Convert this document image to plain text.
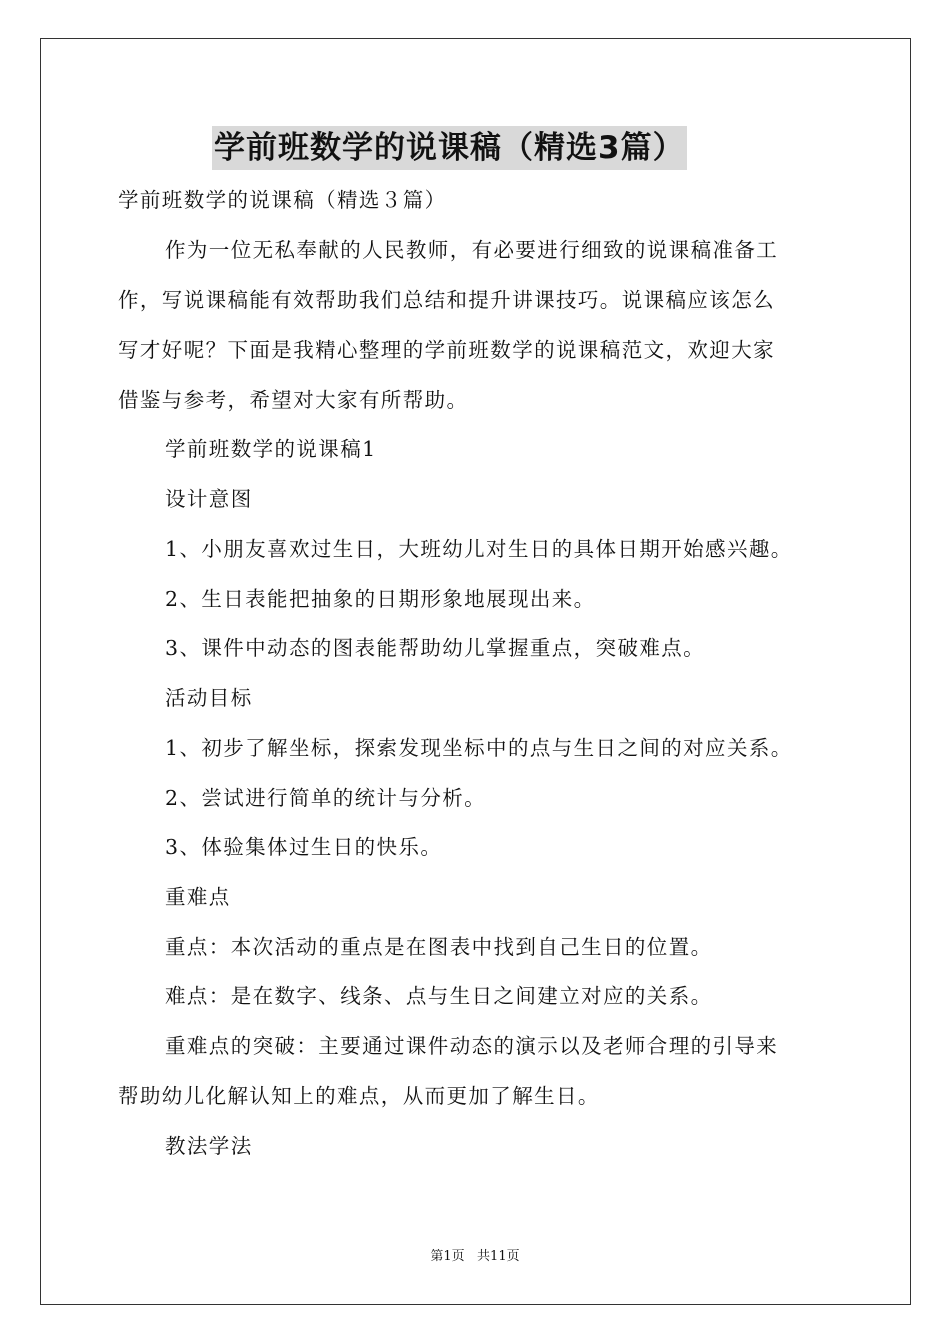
学前班数学的说课稿（精选3篇）
学前班数学的说课稿（精选３篇）
作为一位无私奉献的人民教师，有必要进行细致的说课稿准备工
作，写说课稿能有效帮助我们总结和提升讲课技巧。说课稿应该怎么
写才好呢？下面是我精心整理的学前班数学的说课稿范文，欢迎大家
借鉴与参考，希望对大家有所帮助。
学前班数学的说课稿1
设计意图
1、小朋友喜欢过生日，大班幼儿对生日的具体日期开始感兴趣。
2、生日表能把抽象的日期形象地展现出来。
3、课件中动态的图表能帮助幼儿掌握重点，突破难点。
活动目标
1、初步了解坐标，探索发现坐标中的点与生日之间的对应关系。
2、尝试进行简单的统计与分析。
3、体验集体过生日的快乐。
重难点
重点：本次活动的重点是在图表中找到自己生日的位置。
难点：是在数字、线条、点与生日之间建立对应的关系。
重难点的突破：主要通过课件动态的演示以及老师合理的引导来
帮助幼儿化解认知上的难点，从而更加了解生日。
教法学法
第1页   共11页
